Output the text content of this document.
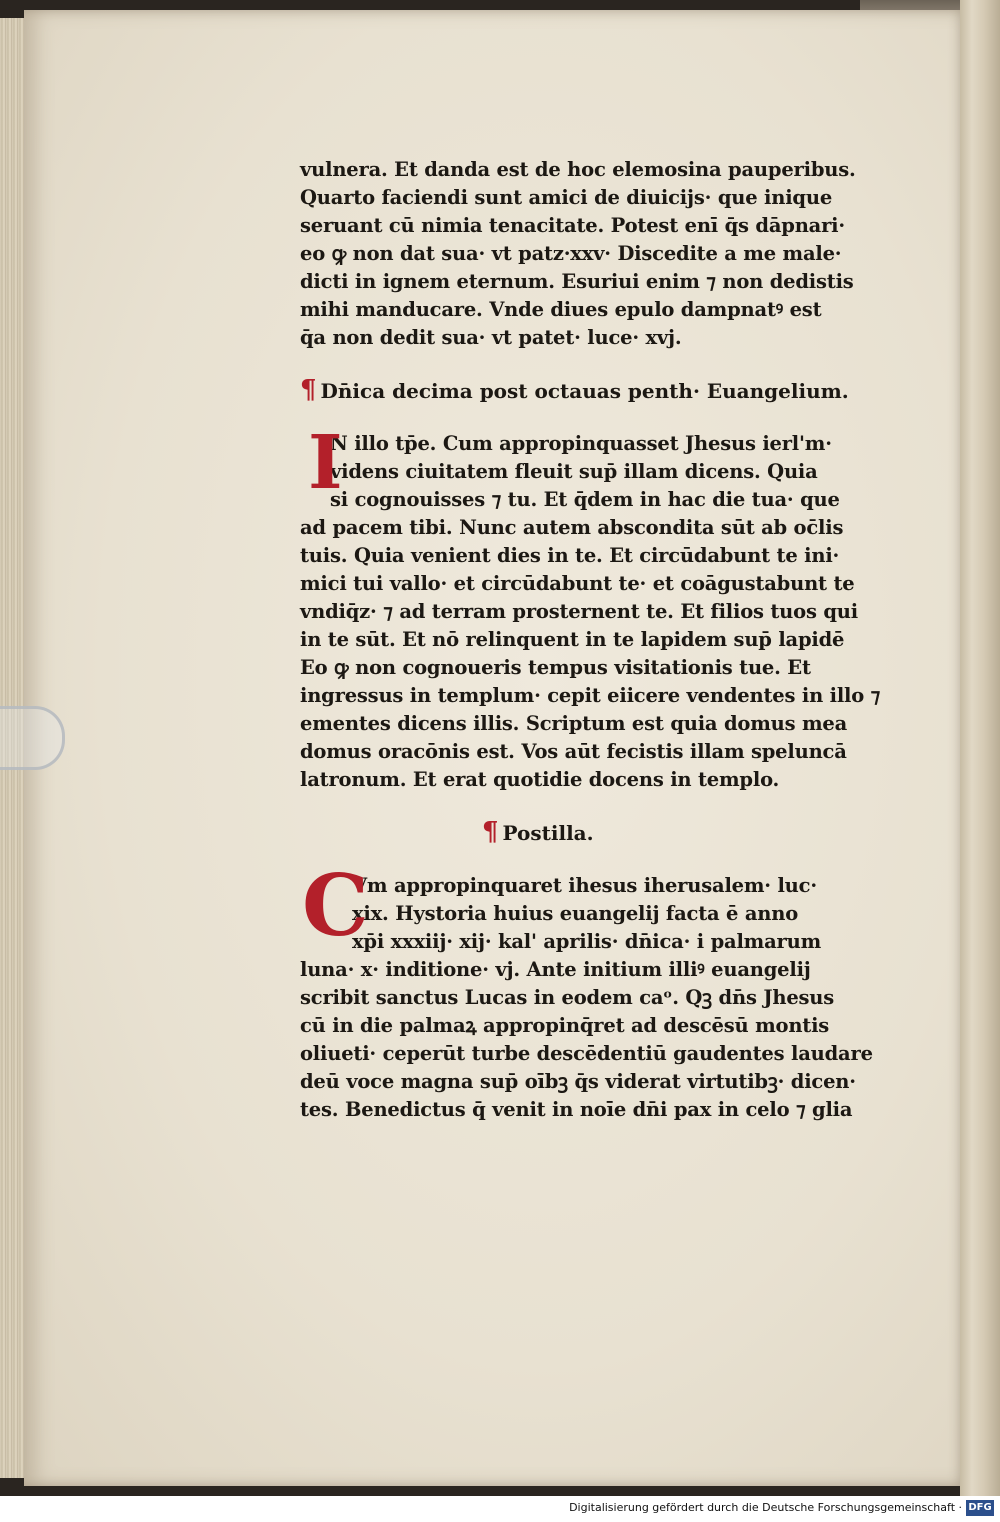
vulnera. Et danda est de hoc elemosina pauperibus.
Quarto faciendi sunt amici de diuicijs· que inique
seruant cū nimia tenacitate. Potest enī q̄s dāpnari·
eo ꝙ non dat sua· vt patz·xxv· Discedite a me male·
dicti in ignem eternum. Esuriui enim ⁊ non dedistis
mihi manducare. Vnde diues epulo dampnatꝰ est
q̄a non dedit sua· vt patet· luce· xvj.
¶ Dn̄ica decima post octauas penth· Euangelium.
I
N illo tp̄e. Cum appropinquasset Jhesus ierl'm·
videns ciuitatem fleuit sup̄ illam dicens. Quia
si cognouisses ⁊ tu. Et q̄dem in hac die tua· que
ad pacem tibi. Nunc autem abscondita sūt ab oc̄lis
tuis. Quia venient dies in te. Et circūdabunt te ini·
mici tui vallo· et circūdabunt te· et coāgustabunt te
vndiq̄z· ⁊ ad terram prosternent te. Et filios tuos qui
in te sūt. Et nō relinquent in te lapidem sup̄ lapidē
Eo ꝙ non cognoueris tempus visitationis tue. Et
ingressus in templum· cepit eiicere vendentes in illo ⁊
ementes dicens illis. Scriptum est quia domus mea
domus oracōnis est. Vos aūt fecistis illam speluncā
latronum. Et erat quotidie docens in templo.
¶ Postilla.
C
Vm appropinquaret ihesus iherusalem· luc·
xix. Hystoria huius euangelij facta ē anno
xp̄i xxxiij· xij· kal' aprilis· dn̄ica· i palmarum
luna· x· inditione· vj. Ante initium illiꝰ euangelij
scribit sanctus Lucas in eodem caᵒ. Qꝫ dn̄s Jhesus
cū in die palmaꝝ appropinq̄ret ad descēsū montis
oliueti· ceperūt turbe descēdentiū gaudentes laudare
deū voce magna sup̄ oībꝫ q̄s viderat virtutibꝫ· dicen·
tes. Benedictus q̄ venit in noīe dn̄i pax in celo ⁊ glia
Digitalisierung gefördert durch die Deutsche Forschungsgemeinschaft · DFG
